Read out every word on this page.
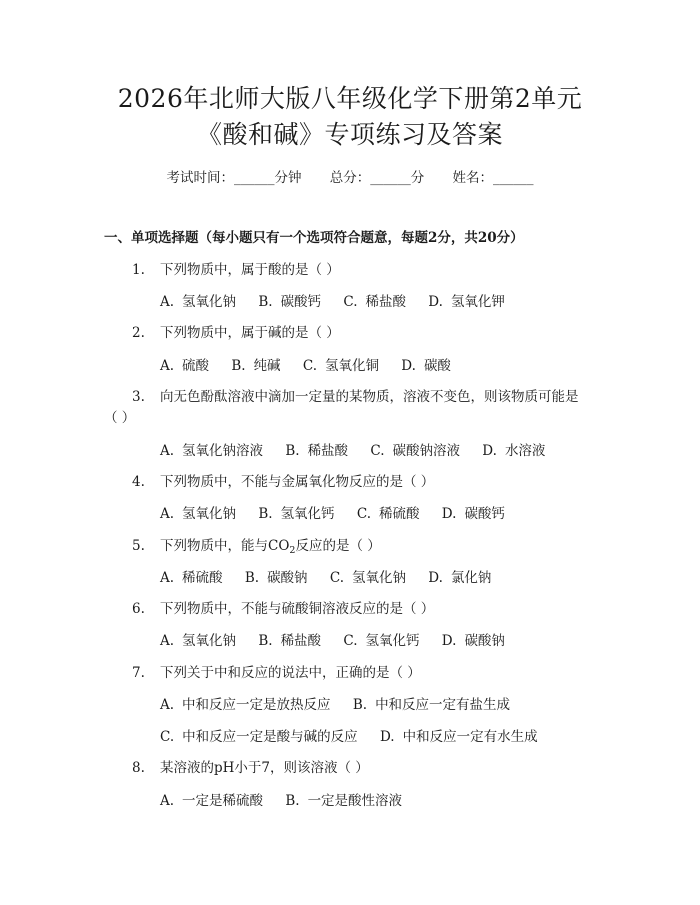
2026年北师大版八年级化学下册第2单元
《酸和碱》专项练习及答案
考试时间：______分钟 总分：______分 姓名：______
一、单项选择题（每小题只有一个选项符合题意，每题2分，共20分）
1.	下列物质中，属于酸的是（ ）
A. 氢氧化钠 B. 碳酸钙 C. 稀盐酸 D. 氢氧化钾
2.	下列物质中，属于碱的是（ ）
A. 硫酸 B. 纯碱 C. 氢氧化铜 D. 碳酸
3.	向无色酚酞溶液中滴加一定量的某物质，溶液不变色，则该物质可能是
（ ）
A. 氢氧化钠溶液 B. 稀盐酸 C. 碳酸钠溶液 D. 水溶液
4.	下列物质中，不能与金属氧化物反应的是（ ）
A. 氢氧化钠 B. 氢氧化钙 C. 稀硫酸 D. 碳酸钙
5.	下列物质中，能与$CO_2$反应的是（ ）
A. 稀硫酸 B. 碳酸钠 C. 氢氧化钠 D. 氯化钠
6.	下列物质中，不能与硫酸铜溶液反应的是（ ）
A. 氢氧化钠 B. 稀盐酸 C. 氢氧化钙 D. 碳酸钠
7.	下列关于中和反应的说法中，正确的是（ ）
A. 中和反应一定是放热反应 B. 中和反应一定有盐生成
C. 中和反应一定是酸与碱的反应 D. 中和反应一定有水生成
8.	某溶液的pH小于7，则该溶液（ ）
A. 一定是稀硫酸 B. 一定是酸性溶液
